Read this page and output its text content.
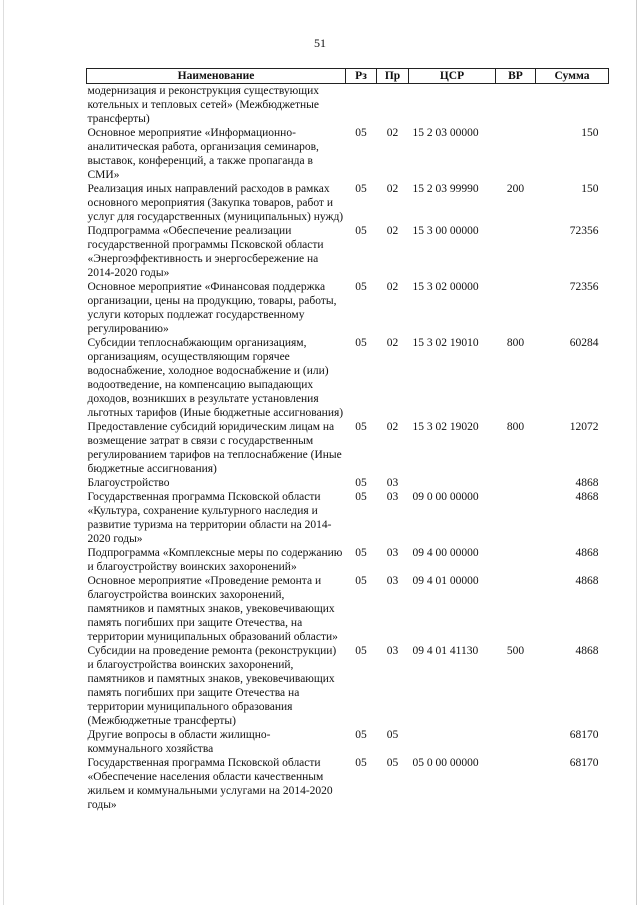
51
Наименование	Рз	Пр	ЦСР	ВР	Сумма
модернизация и реконструкция существующих котельных и тепловых сетей» (Межбюджетные трансферты)					
Основное мероприятие «Информационно-аналитическая работа, организация семинаров, выставок, конференций, а также пропаганда в СМИ»	05	02	15 2 03 00000		150
Реализация иных направлений расходов в рамках основного мероприятия (Закупка товаров, работ и услуг для государственных (муниципальных) нужд)	05	02	15 2 03 99990	200	150
Подпрограмма «Обеспечение реализации государственной программы Псковской области «Энергоэффективность и энергосбережение на 2014-2020 годы»	05	02	15 3 00 00000		72356
Основное мероприятие «Финансовая поддержка организации, цены на продукцию, товары, работы, услуги которых подлежат государственному регулированию»	05	02	15 3 02 00000		72356
Субсидии теплоснабжающим организациям, организациям, осуществляющим горячее водоснабжение, холодное водоснабжение и (или) водоотведение, на компенсацию выпадающих доходов, возникших в результате установления льготных тарифов (Иные бюджетные ассигнования)	05	02	15 3 02 19010	800	60284
Предоставление субсидий юридическим лицам на возмещение затрат в связи с государственным регулированием тарифов на теплоснабжение (Иные бюджетные ассигнования)	05	02	15 3 02 19020	800	12072
Благоустройство	05	03			4868
Государственная программа Псковской области «Культура, сохранение культурного наследия и развитие туризма на территории области на 2014-2020 годы»	05	03	09 0 00 00000		4868
Подпрограмма «Комплексные меры по содержанию и благоустройству воинских захоронений»	05	03	09 4 00 00000		4868
Основное мероприятие «Проведение ремонта и благоустройства воинских захоронений, памятников и памятных знаков, увековечивающих память погибших при защите Отечества, на территории муниципальных образований области»	05	03	09 4 01 00000		4868
Субсидии на проведение ремонта (реконструкции) и благоустройства воинских захоронений, памятников и памятных знаков, увековечивающих память погибших при защите Отечества на территории муниципального образования (Межбюджетные трансферты)	05	03	09 4 01 41130	500	4868
Другие вопросы в области жилищно-коммунального хозяйства	05	05			68170
Государственная программа Псковской области «Обеспечение населения области качественным жильем и коммунальными услугами на 2014-2020 годы»	05	05	05 0 00 00000		68170
